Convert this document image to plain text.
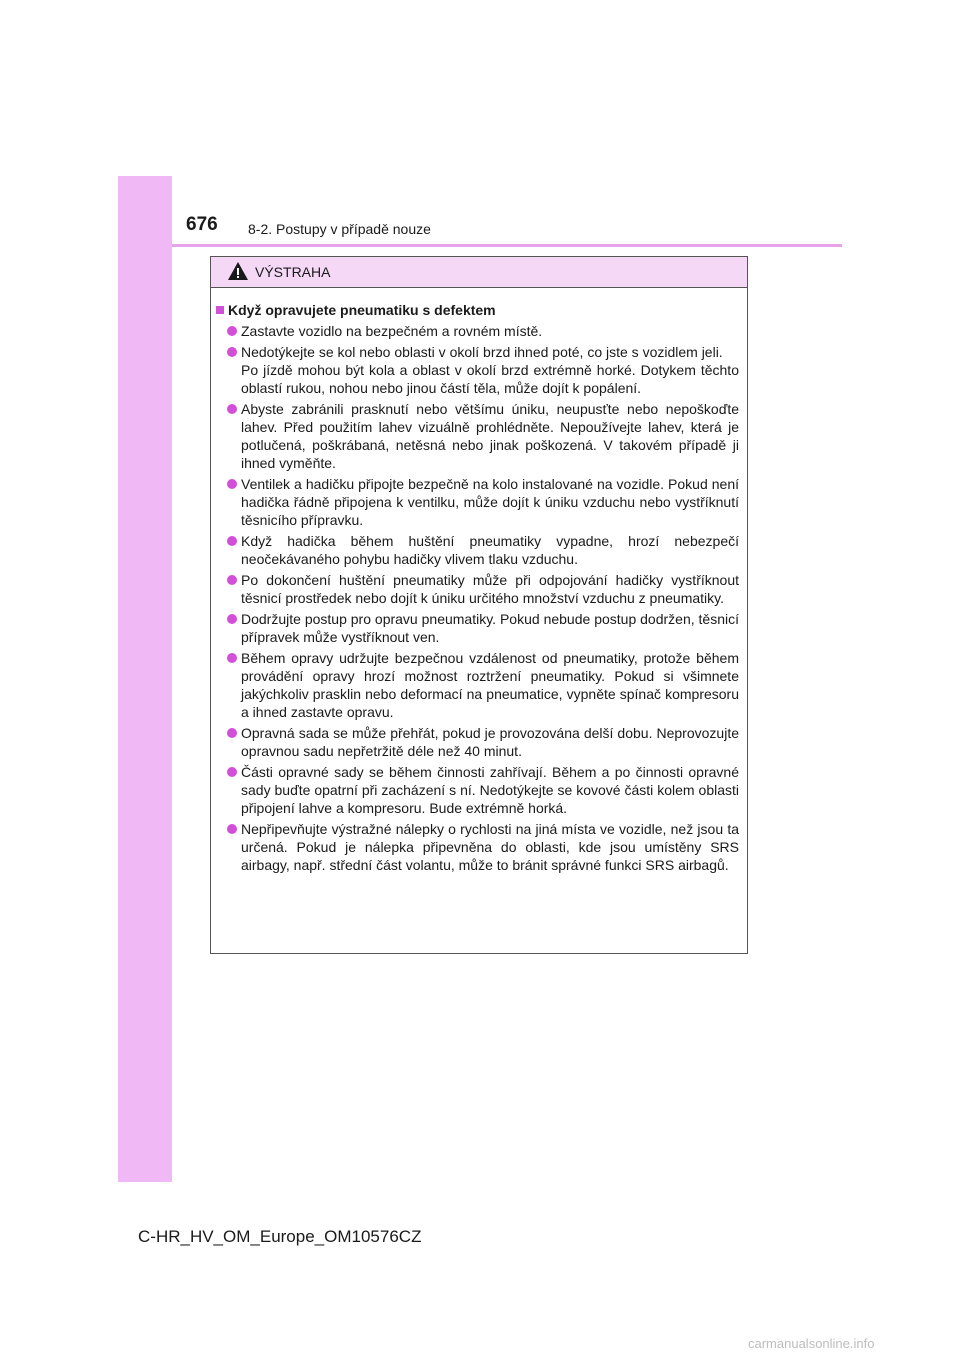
676 8-2. Postupy v případě nouze
VÝSTRAHA
Když opravujete pneumatiku s defektem
Zastavte vozidlo na bezpečném a rovném místě.
Nedotýkejte se kol nebo oblasti v okolí brzd ihned poté, co jste s vozidlem jeli.
Po jízdě mohou být kola a oblast v okolí brzd extrémně horké. Dotykem těchto oblastí rukou, nohou nebo jinou částí těla, může dojít k popálení.
Abyste zabránili prasknutí nebo většímu úniku, neupusťte nebo nepoškoďte lahev. Před použitím lahev vizuálně prohlédněte. Nepoužívejte lahev, která je potlučená, poškrábaná, netěsná nebo jinak poškozená. V takovém případě ji ihned vyměňte.
Ventilek a hadičku připojte bezpečně na kolo instalované na vozidle. Pokud není hadička řádně připojena k ventilku, může dojít k úniku vzduchu nebo vystříknutí těsnicího přípravku.
Když hadička během huštění pneumatiky vypadne, hrozí nebezpečí neočekávaného pohybu hadičky vlivem tlaku vzduchu.
Po dokončení huštění pneumatiky může při odpojování hadičky vystříknout těsnicí prostředek nebo dojít k úniku určitého množství vzduchu z pneumatiky.
Dodržujte postup pro opravu pneumatiky. Pokud nebude postup dodržen, těsnicí přípravek může vystříknout ven.
Během opravy udržujte bezpečnou vzdálenost od pneumatiky, protože během provádění opravy hrozí možnost roztržení pneumatiky. Pokud si všimnete jakýchkoliv prasklin nebo deformací na pneumatice, vypněte spínač kompresoru a ihned zastavte opravu.
Opravná sada se může přehřát, pokud je provozována delší dobu. Neprovozujte opravnou sadu nepřetržitě déle než 40 minut.
Části opravné sady se během činnosti zahřívají. Během a po činnosti opravné sady buďte opatrní při zacházení s ní. Nedotýkejte se kovové části kolem oblasti připojení lahve a kompresoru. Bude extrémně horká.
Nepřipevňujte výstražné nálepky o rychlosti na jiná místa ve vozidle, než jsou ta určená. Pokud je nálepka připevněna do oblasti, kde jsou umístěny SRS airbagy, např. střední část volantu, může to bránit správné funkci SRS airbagů.
C-HR_HV_OM_Europe_OM10576CZ
carmanualsonline.info
